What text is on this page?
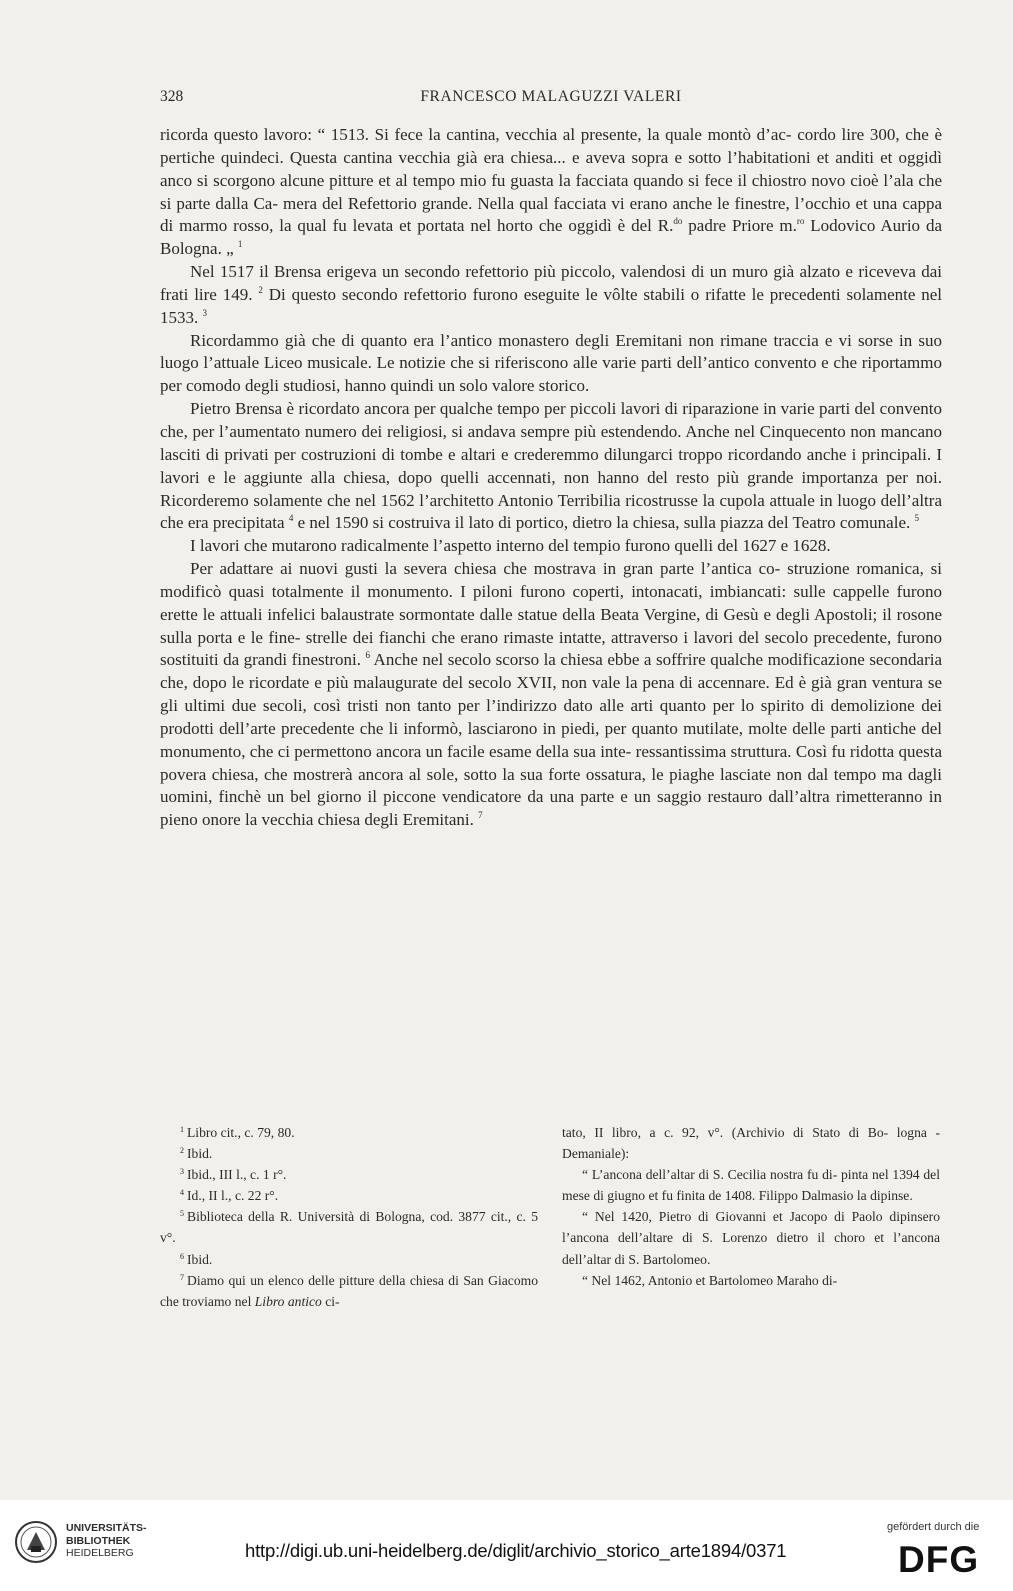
328	FRANCESCO MALAGUZZI VALERI

ricorda questo lavoro: “ 1513. Si fece la cantina, vecchia al presente, la quale montò d’ac- cordo lire 300, che è pertiche quindeci. Questa cantina vecchia già era chiesa... e aveva sopra e sotto l’habitationi et anditi et oggidì anco si scorgono alcune pitture et al tempo mio fu guasta la facciata quando si fece il chiostro novo cioè l’ala che si parte dalla Ca- mera del Refettorio grande. Nella qual facciata vi erano anche le finestre, l’occhio et una cappa di marmo rosso, la qual fu levata et portata nel horto che oggidì è del R.$^{do}$ padre Priore m.$^{ro}$ Lodovico Aurio da Bologna. „ $^1$

Nel 1517 il Brensa erigeva un secondo refettorio più piccolo, valendosi di un muro già alzato e riceveva dai frati lire 149. $^2$ Di questo secondo refettorio furono eseguite le vôlte stabili o rifatte le precedenti solamente nel 1533. $^3$

Ricordammo già che di quanto era l’antico monastero degli Eremitani non rimane traccia e vi sorse in suo luogo l’attuale Liceo musicale. Le notizie che si riferiscono alle varie parti dell’antico convento e che riportammo per comodo degli studiosi, hanno quindi un solo valore storico.

Pietro Brensa è ricordato ancora per qualche tempo per piccoli lavori di riparazione in varie parti del convento che, per l’aumentato numero dei religiosi, si andava sempre più estendendo. Anche nel Cinquecento non mancano lasciti di privati per costruzioni di tombe e altari e crederemmo dilungarci troppo ricordando anche i principali. I lavori e le aggiunte alla chiesa, dopo quelli accennati, non hanno del resto più grande importanza per noi. Ricorderemo solamente che nel 1562 l’architetto Antonio Terribilia ricostrusse la cupola attuale in luogo dell’altra che era precipitata $^4$ e nel 1590 si costruiva il lato di portico, dietro la chiesa, sulla piazza del Teatro comunale. $^5$

I lavori che mutarono radicalmente l’aspetto interno del tempio furono quelli del 1627 e 1628.

Per adattare ai nuovi gusti la severa chiesa che mostrava in gran parte l’antica co- struzione romanica, si modificò quasi totalmente il monumento. I piloni furono coperti, intonacati, imbiancati: sulle cappelle furono erette le attuali infelici balaustrate sormontate dalle statue della Beata Vergine, di Gesù e degli Apostoli; il rosone sulla porta e le fine- strelle dei fianchi che erano rimaste intatte, attraverso i lavori del secolo precedente, furono sostituiti da grandi finestroni. $^6$ Anche nel secolo scorso la chiesa ebbe a soffrire qualche modificazione secondaria che, dopo le ricordate e più malaugurate del secolo XVII, non vale la pena di accennare. Ed è già gran ventura se gli ultimi due secoli, così tristi non tanto per l’indirizzo dato alle arti quanto per lo spirito di demolizione dei prodotti dell’arte precedente che li informò, lasciarono in piedi, per quanto mutilate, molte delle parti antiche del monumento, che ci permettono ancora un facile esame della sua inte- ressantissima struttura. Così fu ridotta questa povera chiesa, che mostrerà ancora al sole, sotto la sua forte ossatura, le piaghe lasciate non dal tempo ma dagli uomini, finchè un bel giorno il piccone vendicatore da una parte e un saggio restauro dall’altra rimetteranno in pieno onore la vecchia chiesa degli Eremitani. $^7$

$^1$ Libro cit., c. 79, 80.

$^2$ Ibid.

$^3$ Ibid., III l., c. 1 r°.

$^4$ Id., II l., c. 22 r°.

$^5$ Biblioteca della R. Università di Bologna, cod. 3877 cit., c. 5 v°.

$^6$ Ibid.

$^7$ Diamo qui un elenco delle pitture della chiesa di San Giacomo che troviamo nel Libro antico ci-

tato, II libro, a c. 92, v°. (Archivio di Stato di Bo- logna - Demaniale):

“ L’ancona dell’altar di S. Cecilia nostra fu di- pinta nel 1394 del mese di giugno et fu finita de 1408. Filippo Dalmasio la dipinse.

“ Nel 1420, Pietro di Giovanni et Jacopo di Paolo dipinsero l’ancona dell’altare di S. Lorenzo dietro il choro et l’ancona dell’altar di S. Bartolomeo.

“ Nel 1462, Antonio et Bartolomeo Maraho di-

UNIVERSITÄTS-
BIBLIOTHEK
HEIDELBERG	http://digi.ub.uni-heidelberg.de/diglit/archivio_storico_arte1894/0371
gefördert durch die
DFG
